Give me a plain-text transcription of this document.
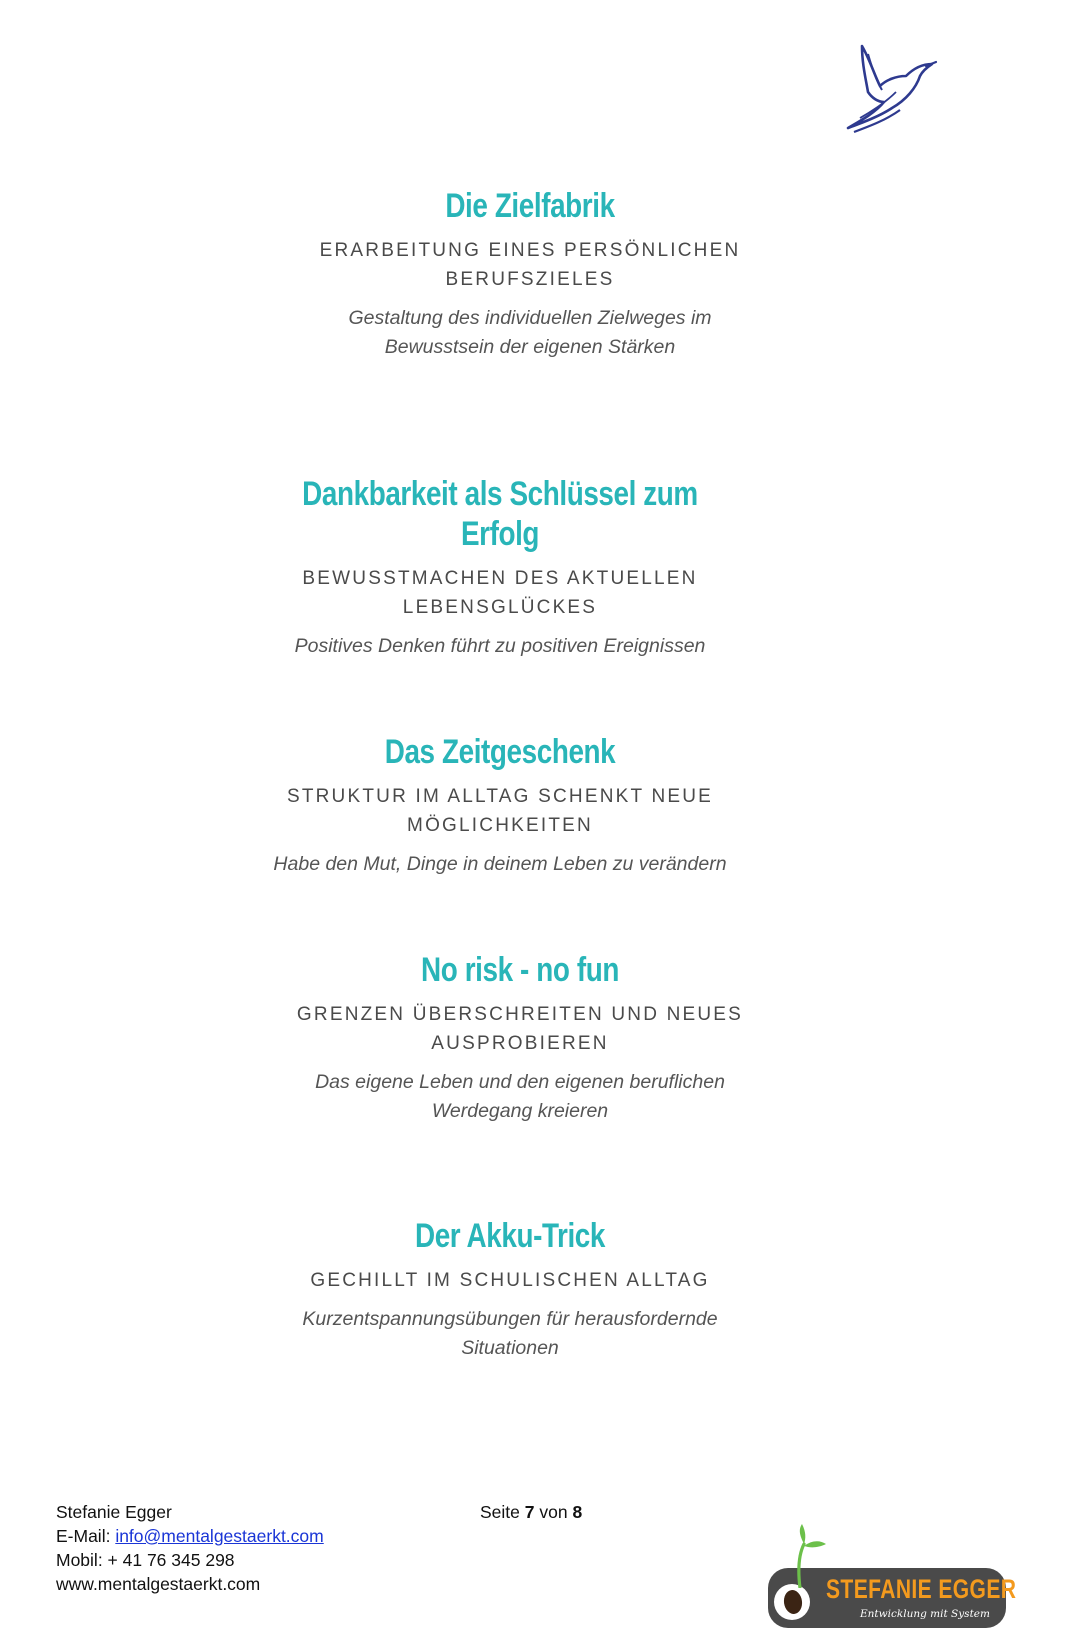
Die Zielfabrik
ERARBEITUNG EINES PERSÖNLICHEN
BERUFSZIELES
Gestaltung des individuellen Zielweges im
Bewusstsein der eigenen Stärken
Dankbarkeit als Schlüssel zum Erfolg
BEWUSSTMACHEN DES AKTUELLEN
LEBENSGLÜCKES
Positives Denken führt zu positiven Ereignissen
Das Zeitgeschenk
STRUKTUR IM ALLTAG SCHENKT NEUE
MÖGLICHKEITEN
Habe den Mut, Dinge in deinem Leben zu verändern
No risk - no fun
GRENZEN ÜBERSCHREITEN UND NEUES
AUSPROBIEREN
Das eigene Leben und den eigenen beruflichen
Werdegang kreieren
Der Akku-Trick
GECHILLT IM SCHULISCHEN ALLTAG
Kurzentspannungsübungen für herausfordernde
Situationen
Stefanie Egger
E-Mail: info@mentalgestaerkt.com
Mobil: + 41 76 345 298
www.mentalgestaerkt.com
Seite 7 von 8
STEFANIE EGGER
Entwicklung mit System
